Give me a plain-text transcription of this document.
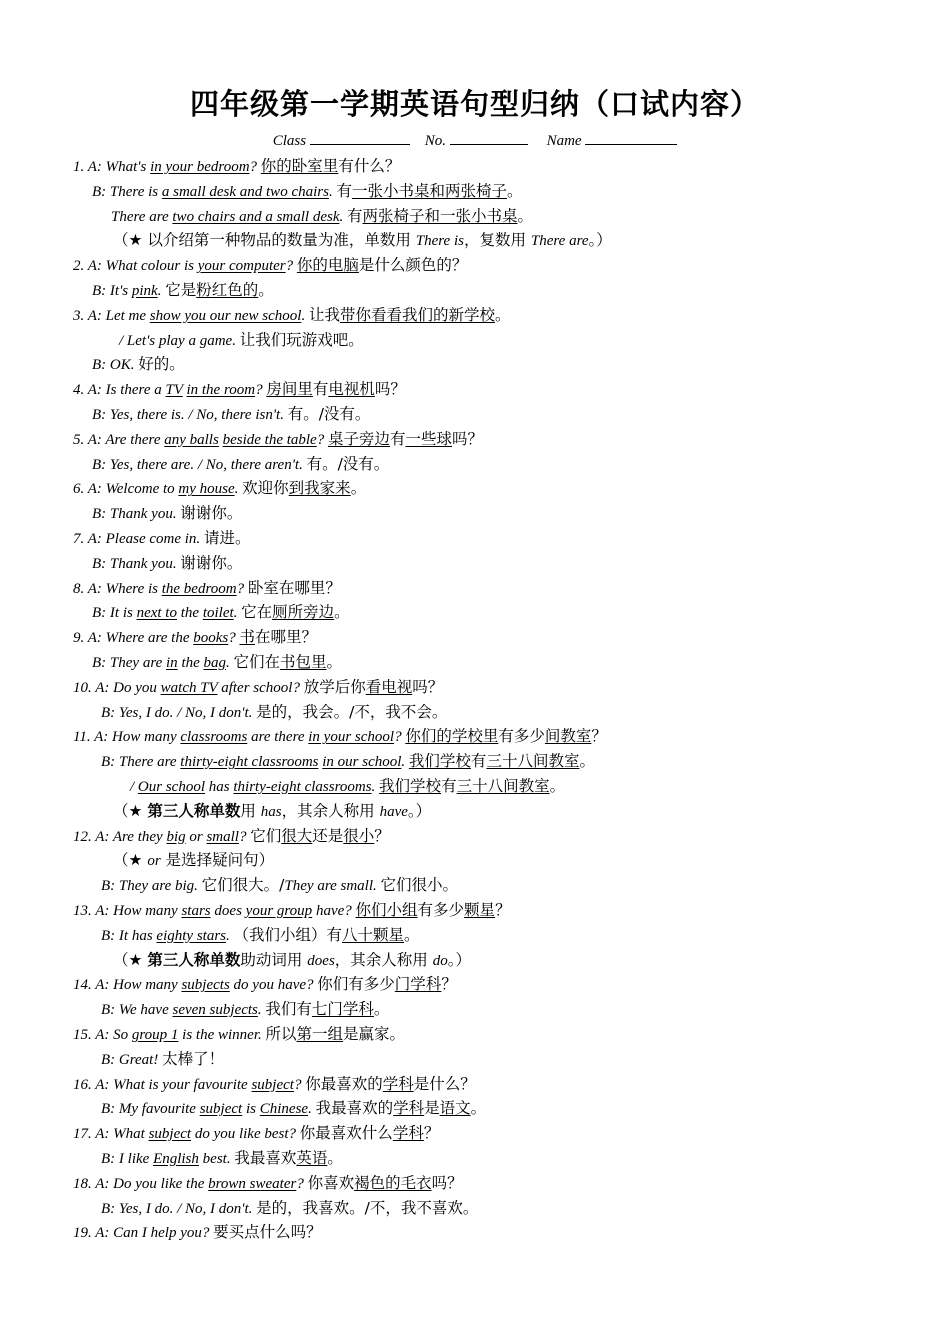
四年级第一学期英语句型归纳（口试内容）
Class	No.	Name
1. A: What's in your bedroom? 你的卧室里有什么？
B: There is a small desk and two chairs. 有一张小书桌和两张椅子。
There are two chairs and a small desk. 有两张椅子和一张小书桌。
（★ 以介绍第一种物品的数量为准，单数用 There is，复数用 There are。）
2. A: What colour is your computer? 你的电脑是什么颜色的？
B: It's pink. 它是粉红色的。
3. A: Let me show you our new school. 让我带你看看我们的新学校。
/ Let's play a game. 让我们玩游戏吧。
B: OK. 好的。
4. A: Is there a TV in the room? 房间里有电视机吗？
B: Yes, there is. / No, there isn't. 有。/没有。
5. A: Are there any balls beside the table? 桌子旁边有一些球吗？
B: Yes, there are. / No, there aren't. 有。/没有。
6. A: Welcome to my house. 欢迎你到我家来。
B: Thank you. 谢谢你。
7. A: Please come in. 请进。
B: Thank you. 谢谢你。
8. A: Where is the bedroom? 卧室在哪里？
B: It is next to the toilet. 它在厕所旁边。
9. A: Where are the books? 书在哪里？
B: They are in the bag. 它们在书包里。
10. A: Do you watch TV after school? 放学后你看电视吗？
B: Yes, I do. / No, I don't. 是的，我会。/不，我不会。
11. A: How many classrooms are there in your school? 你们的学校里有多少间教室？
B: There are thirty-eight classrooms in our school. 我们学校有三十八间教室。
/ Our school has thirty-eight classrooms. 我们学校有三十八间教室。
（★ 第三人称单数用 has，其余人称用 have。）
12. A: Are they big or small? 它们很大还是很小？
（★ or 是选择疑问句）
B: They are big. 它们很大。/They are small. 它们很小。
13. A: How many stars does your group have? 你们小组有多少颗星？
B: It has eighty stars. （我们小组）有八十颗星。
（★ 第三人称单数助动词用 does，其余人称用 do。）
14. A: How many subjects do you have? 你们有多少门学科？
B: We have seven subjects. 我们有七门学科。
15. A: So group 1 is the winner. 所以第一组是赢家。
B: Great! 太棒了！
16. A: What is your favourite subject? 你最喜欢的学科是什么？
B: My favourite subject is Chinese. 我最喜欢的学科是语文。
17. A: What subject do you like best? 你最喜欢什么学科？
B: I like English best. 我最喜欢英语。
18. A: Do you like the brown sweater? 你喜欢褐色的毛衣吗？
B: Yes, I do. / No, I don't. 是的，我喜欢。/不，我不喜欢。
19. A: Can I help you? 要买点什么吗？
